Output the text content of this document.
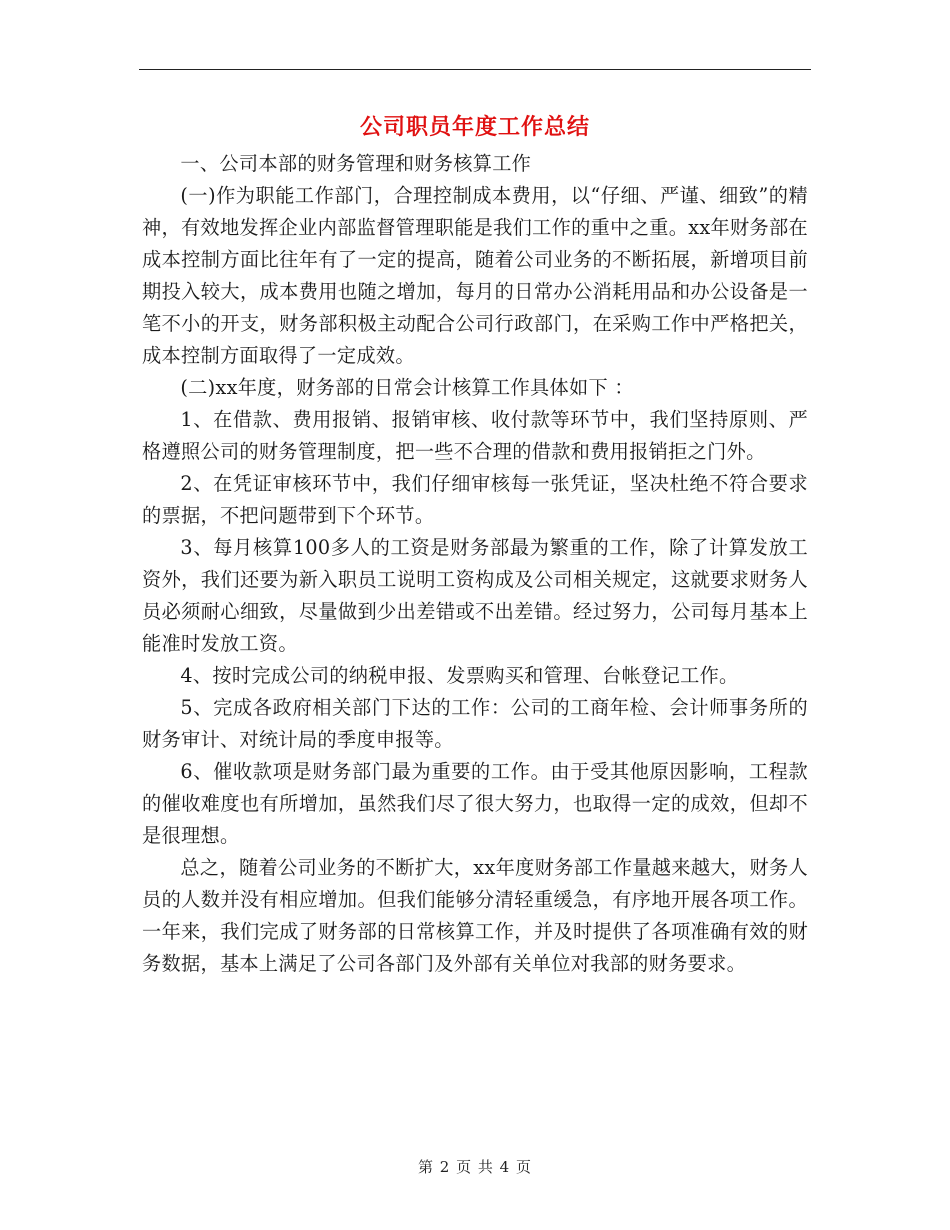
公司职员年度工作总结

一、公司本部的财务管理和财务核算工作

(一)作为职能工作部门，合理控制成本费用，以“仔细、严谨、细致”的精神，有效地发挥企业内部监督管理职能是我们工作的重中之重。xx年财务部在成本控制方面比往年有了一定的提高，随着公司业务的不断拓展，新增项目前期投入较大，成本费用也随之增加，每月的日常办公消耗用品和办公设备是一笔不小的开支，财务部积极主动配合公司行政部门，在采购工作中严格把关，成本控制方面取得了一定成效。

(二)xx年度，财务部的日常会计核算工作具体如下 ：

1、在借款、费用报销、报销审核、收付款等环节中，我们坚持原则、严格遵照公司的财务管理制度，把一些不合理的借款和费用报销拒之门外。

2、在凭证审核环节中，我们仔细审核每一张凭证，坚决杜绝不符合要求的票据，不把问题带到下个环节。

3、每月核算100多人的工资是财务部最为繁重的工作，除了计算发放工资外，我们还要为新入职员工说明工资构成及公司相关规定，这就要求财务人员必须耐心细致，尽量做到少出差错或不出差错。经过努力，公司每月基本上能准时发放工资。

4、按时完成公司的纳税申报、发票购买和管理、台帐登记工作。

5、完成各政府相关部门下达的工作：公司的工商年检、会计师事务所的财务审计、对统计局的季度申报等。

6、催收款项是财务部门最为重要的工作。由于受其他原因影响，工程款的催收难度也有所增加，虽然我们尽了很大努力，也取得一定的成效，但却不是很理想。

总之，随着公司业务的不断扩大，xx年度财务部工作量越来越大，财务人员的人数并没有相应增加。但我们能够分清轻重缓急，有序地开展各项工作。一年来，我们完成了财务部的日常核算工作，并及时提供了各项准确有效的财务数据，基本上满足了公司各部门及外部有关单位对我部的财务要求。

第 2 页 共 4 页
